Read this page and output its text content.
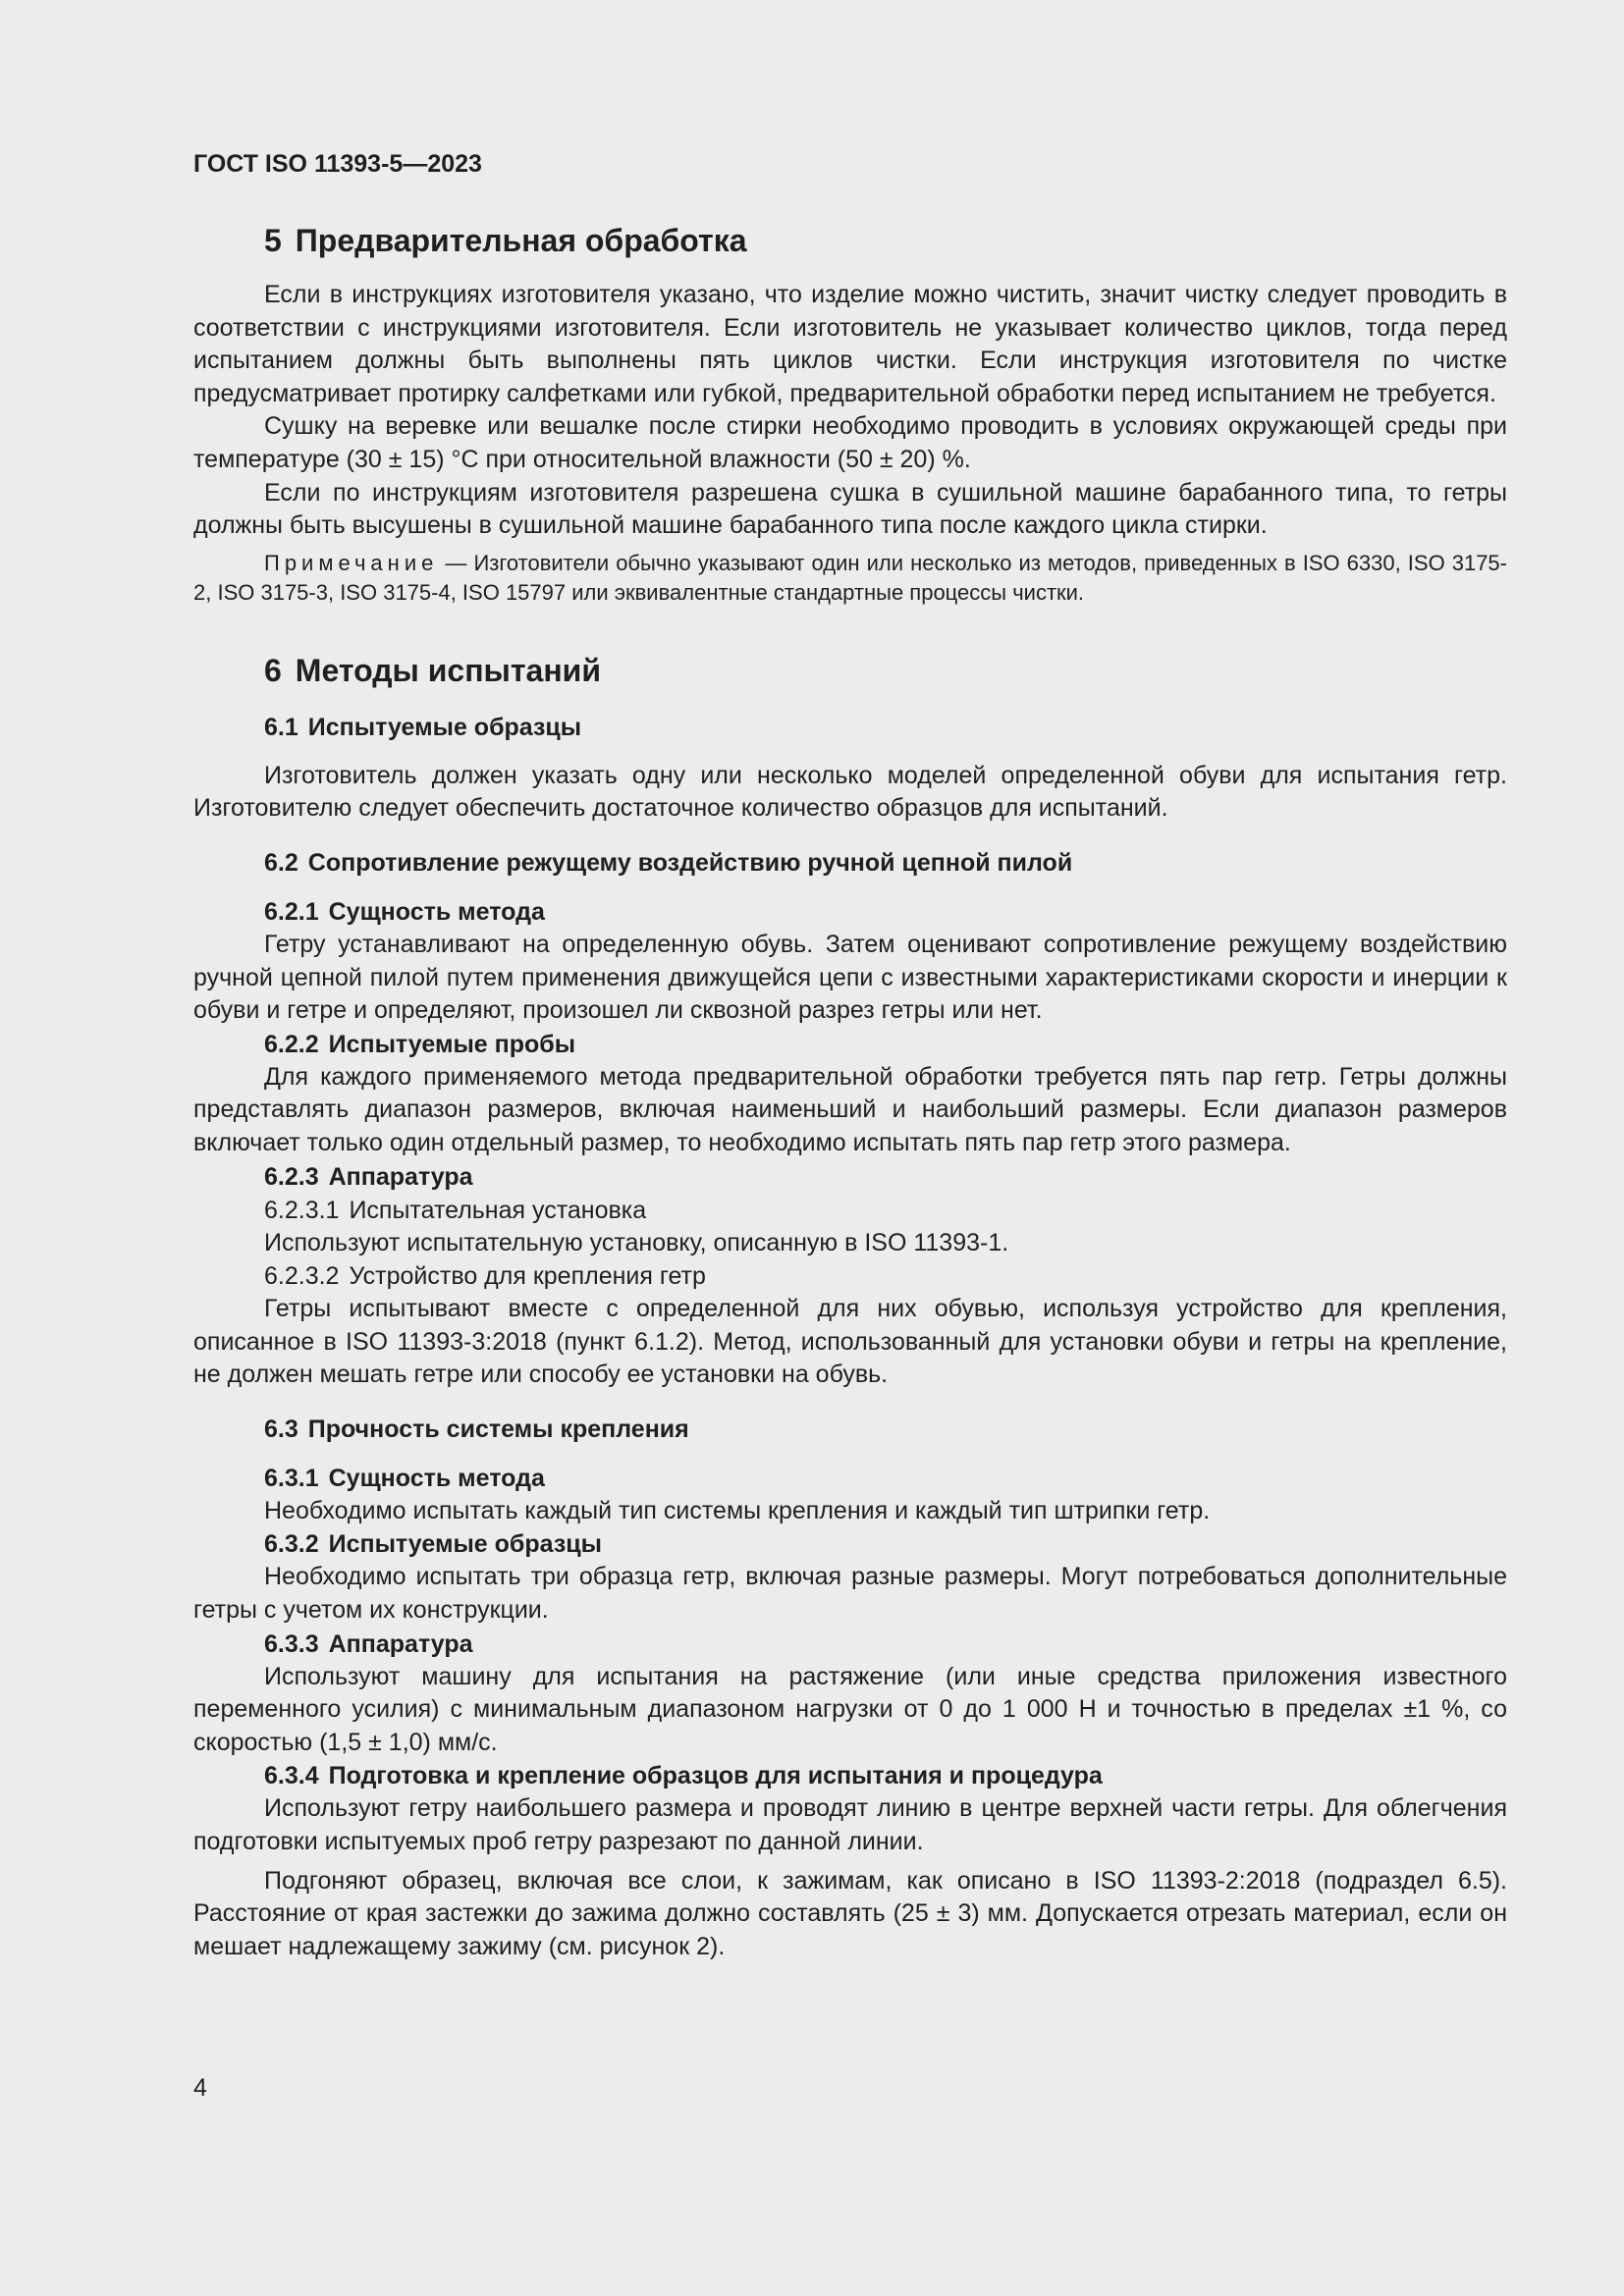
ГОСТ ISO 11393-5—2023

5 Предварительная обработка

Если в инструкциях изготовителя указано, что изделие можно чистить, значит чистку следует проводить в соответствии с инструкциями изготовителя. Если изготовитель не указывает количество циклов, тогда перед испытанием должны быть выполнены пять циклов чистки. Если инструкция изготовителя по чистке предусматривает протирку салфетками или губкой, предварительной обработки перед испытанием не требуется.

Сушку на веревке или вешалке после стирки необходимо проводить в условиях окружающей среды при температуре (30 ± 15) °С при относительной влажности (50 ± 20) %.

Если по инструкциям изготовителя разрешена сушка в сушильной машине барабанного типа, то гетры должны быть высушены в сушильной машине барабанного типа после каждого цикла стирки.

Примечание — Изготовители обычно указывают один или несколько из методов, приведенных в ISO 6330, ISO 3175-2, ISO 3175-3, ISO 3175-4, ISO 15797 или эквивалентные стандартные процессы чистки.

6 Методы испытаний
6.1 Испытуемые образцы

Изготовитель должен указать одну или несколько моделей определенной обуви для испытания гетр. Изготовителю следует обеспечить достаточное количество образцов для испытаний.

6.2 Сопротивление режущему воздействию ручной цепной пилой
6.2.1 Сущность метода

Гетру устанавливают на определенную обувь. Затем оценивают сопротивление режущему воздействию ручной цепной пилой путем применения движущейся цепи с известными характеристиками скорости и инерции к обуви и гетре и определяют, произошел ли сквозной разрез гетры или нет.

6.2.2 Испытуемые пробы

Для каждого применяемого метода предварительной обработки требуется пять пар гетр. Гетры должны представлять диапазон размеров, включая наименьший и наибольший размеры. Если диапазон размеров включает только один отдельный размер, то необходимо испытать пять пар гетр этого размера.

6.2.3 Аппаратура
6.2.3.1 Испытательная установка

Используют испытательную установку, описанную в ISO 11393-1.

6.2.3.2 Устройство для крепления гетр

Гетры испытывают вместе с определенной для них обувью, используя устройство для крепления, описанное в ISO 11393-3:2018 (пункт 6.1.2). Метод, использованный для установки обуви и гетры на крепление, не должен мешать гетре или способу ее установки на обувь.

6.3 Прочность системы крепления
6.3.1 Сущность метода

Необходимо испытать каждый тип системы крепления и каждый тип штрипки гетр.

6.3.2 Испытуемые образцы

Необходимо испытать три образца гетр, включая разные размеры. Могут потребоваться дополнительные гетры с учетом их конструкции.

6.3.3 Аппаратура

Используют машину для испытания на растяжение (или иные средства приложения известного переменного усилия) с минимальным диапазоном нагрузки от 0 до 1 000 Н и точностью в пределах ±1 %, со скоростью (1,5 ± 1,0) мм/с.

6.3.4 Подготовка и крепление образцов для испытания и процедура

Используют гетру наибольшего размера и проводят линию в центре верхней части гетры. Для облегчения подготовки испытуемых проб гетру разрезают по данной линии.

Подгоняют образец, включая все слои, к зажимам, как описано в ISO 11393-2:2018 (подраздел 6.5). Расстояние от края застежки до зажима должно составлять (25 ± 3) мм. Допускается отрезать материал, если он мешает надлежащему зажиму (см. рисунок 2).

4
